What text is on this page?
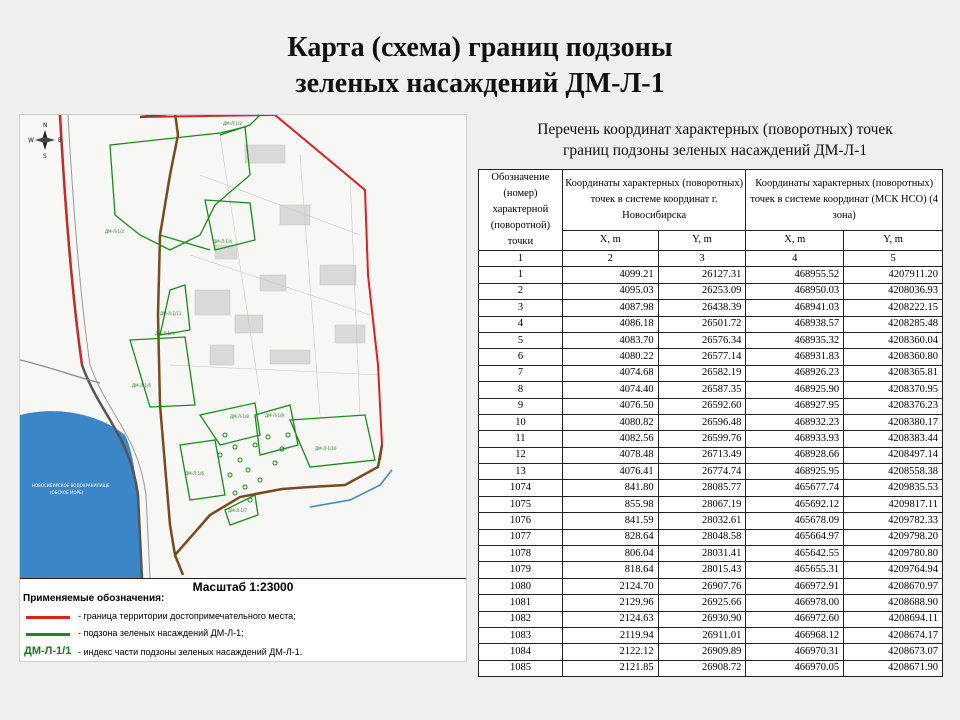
Карта (схема) границ подзоны
зеленых насаждений ДМ-Л-1
НОВОСИБИРСКОЕ ВОДОХРАНИЛИЩЕ
(ОБСКОЕ МОРЕ)
N
S
W	E
ДМ-Л-1/3
ДМ-Л-1/4
ДМ-Л-1/11
ДМ-Л-1/4
ДМ-Л-1/5
ДМ-Л-1/8
ДМ-Л-1/6
ДМ-Л-1/9
ДМ-Л-1/10
ДМ-Л-1/7
ДМ-Л-1/2
Масштаб 1:23000
Применяемые обозначения:
- граница территории достопримечательного места;
- подзона зеленых насаждений ДМ-Л-1;
ДМ-Л-1/1 - индекс части подзоны зеленых насаждений ДМ-Л-1.
Перечень координат характерных (поворотных) точек
границ подзоны зеленых насаждений ДМ-Л-1
Обозначение (номер) характерной (поворотной) точки	Координаты характерных (поворотных) точек в системе координат г. Новосибирска		Координаты характерных (поворотных) точек в системе координат (МСК НСО) (4 зона)	
	X, m	Y, m	X, m	Y, m
1	2	3	4	5
1	4099.21	26127.31	468955.52	4207911.20
2	4095.03	26253.09	468950.03	4208036.93
3	4087.98	26438.39	468941.03	4208222.15
4	4086.18	26501.72	468938.57	4208285.48
5	4083.70	26576.34	468935.32	4208360.04
6	4080.22	26577.14	468931.83	4208360.80
7	4074.68	26582.19	468926.23	4208365.81
8	4074.40	26587.35	468925.90	4208370.95
9	4076.50	26592.60	468927.95	4208376.23
10	4080.82	26596.48	468932.23	4208380.17
11	4082.56	26599.76	468933.93	4208383.44
12	4078.48	26713.49	468928.66	4208497.14
13	4076.41	26774.74	468925.95	4208558.38
1074	841.80	28085.77	465677.74	4209835.53
1075	855.98	28067.19	465692.12	4209817.11
1076	841.59	28032.61	465678.09	4209782.33
1077	828.64	28048.58	465664.97	4209798.20
1078	806.04	28031.41	465642.55	4209780.80
1079	818.64	28015.43	465655.31	4209764.94
1080	2124.70	26907.76	466972.91	4208670.97
1081	2129.96	26925.66	466978.00	4208688.90
1082	2124.63	26930.90	466972.60	4208694.11
1083	2119.94	26911.01	466968.12	4208674.17
1084	2122.12	26909.89	466970.31	4208673.07
1085	2121.85	26908.72	466970.05	4208671.90
